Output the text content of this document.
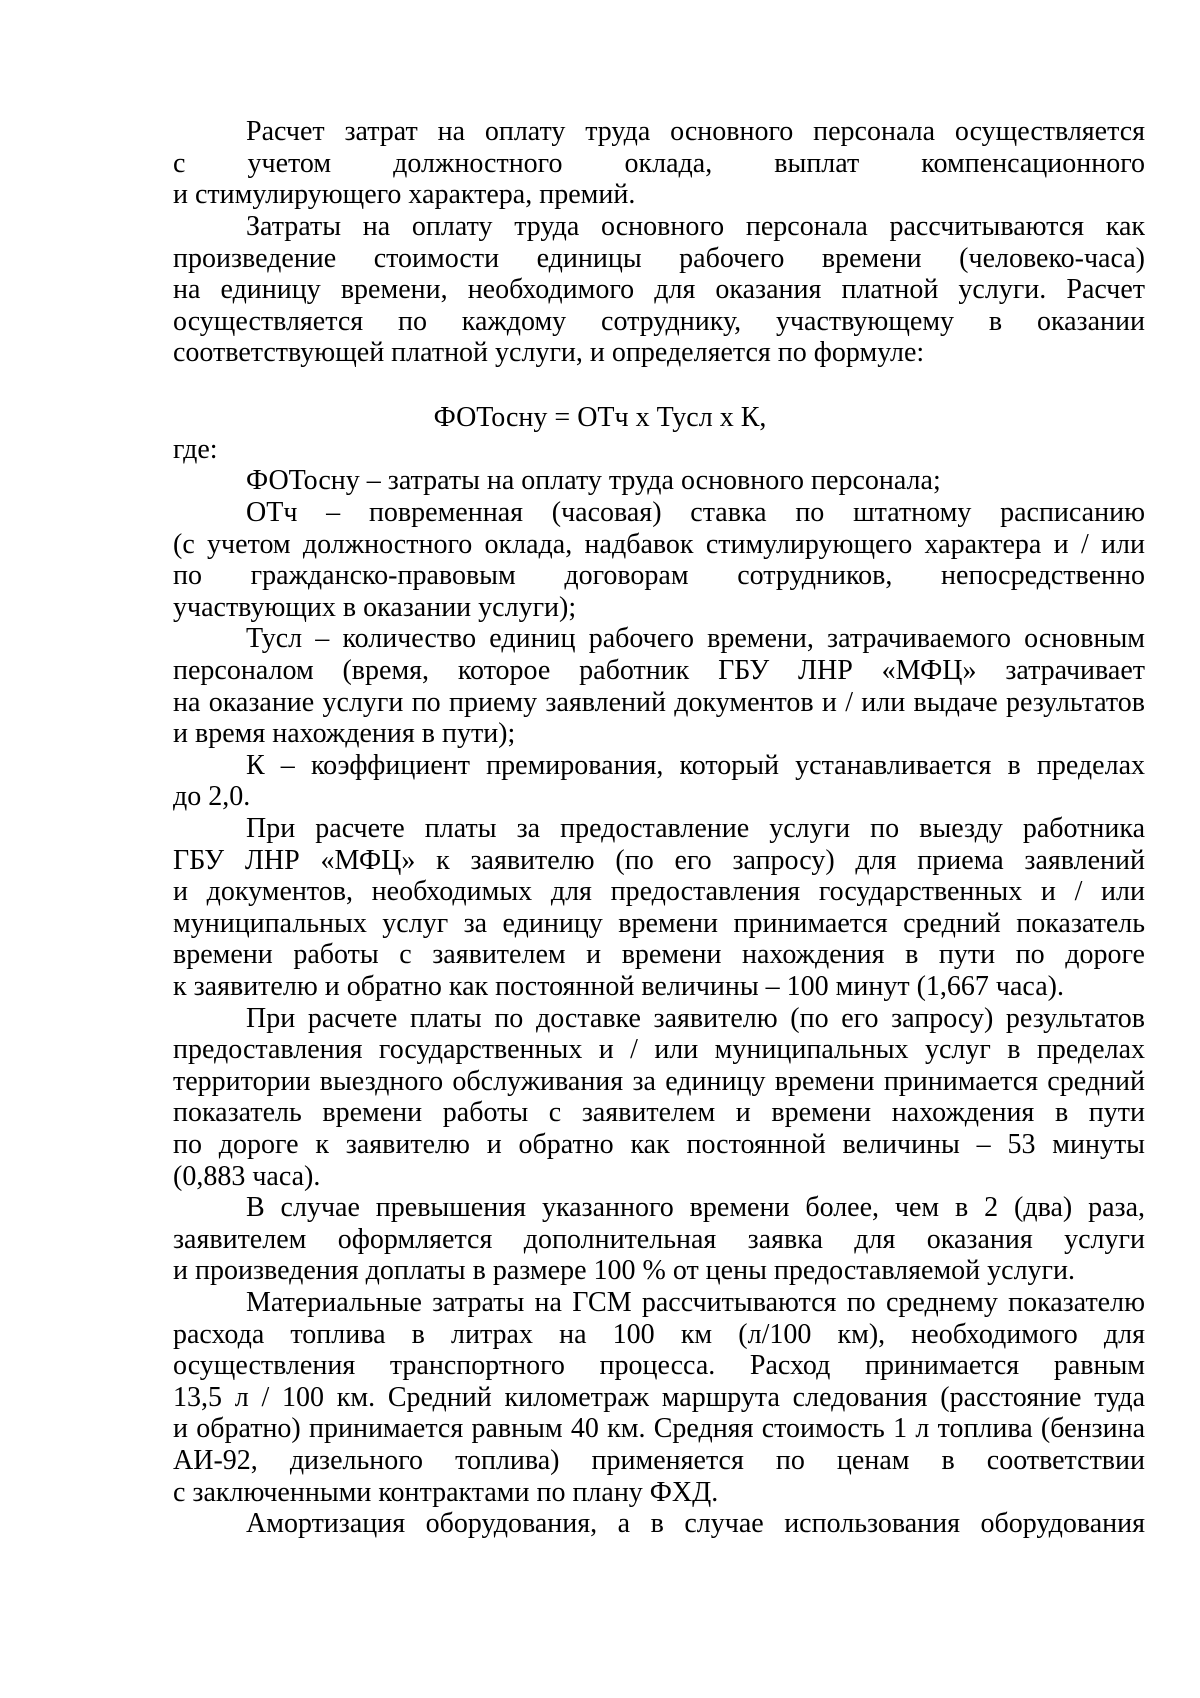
Расчет затрат на оплату труда основного персонала осуществляется
с учетом должностного оклада, выплат компенсационного
и стимулирующего характера, премий.
Затраты на оплату труда основного персонала рассчитываются как
произведение стоимости единицы рабочего времени (человеко-часа)
на единицу времени, необходимого для оказания платной услуги. Расчет
осуществляется по каждому сотруднику, участвующему в оказании
соответствующей платной услуги, и определяется по формуле:
ФОТосну = ОТч х Тусл х К,
где:
ФОТосну – затраты на оплату труда основного персонала;
ОТч – повременная (часовая) ставка по штатному расписанию
(с учетом должностного оклада, надбавок стимулирующего характера и / или
по гражданско-правовым договорам сотрудников, непосредственно
участвующих в оказании услуги);
Тусл – количество единиц рабочего времени, затрачиваемого основным
персоналом (время, которое работник ГБУ ЛНР «МФЦ» затрачивает
на оказание услуги по приему заявлений документов и / или выдаче результатов
и время нахождения в пути);
К – коэффициент премирования, который устанавливается в пределах
до 2,0.
При расчете платы за предоставление услуги по выезду работника
ГБУ ЛНР «МФЦ» к заявителю (по его запросу) для приема заявлений
и документов, необходимых для предоставления государственных и / или
муниципальных услуг за единицу времени принимается средний показатель
времени работы с заявителем и времени нахождения в пути по дороге
к заявителю и обратно как постоянной величины – 100 минут (1,667 часа).
При расчете платы по доставке заявителю (по его запросу) результатов
предоставления государственных и / или муниципальных услуг в пределах
территории выездного обслуживания за единицу времени принимается средний
показатель времени работы с заявителем и времени нахождения в пути
по дороге к заявителю и обратно как постоянной величины – 53 минуты
(0,883 часа).
В случае превышения указанного времени более, чем в 2 (два) раза,
заявителем оформляется дополнительная заявка для оказания услуги
и произведения доплаты в размере 100 % от цены предоставляемой услуги.
Материальные затраты на ГСМ рассчитываются по среднему показателю
расхода топлива в литрах на 100 км (л/100 км), необходимого для
осуществления транспортного процесса. Расход принимается равным
13,5 л / 100 км. Средний километраж маршрута следования (расстояние туда
и обратно) принимается равным 40 км. Средняя стоимость 1 л топлива (бензина
АИ-92, дизельного топлива) применяется по ценам в соответствии
с заключенными контрактами по плану ФХД.
Амортизация оборудования, а в случае использования оборудования
